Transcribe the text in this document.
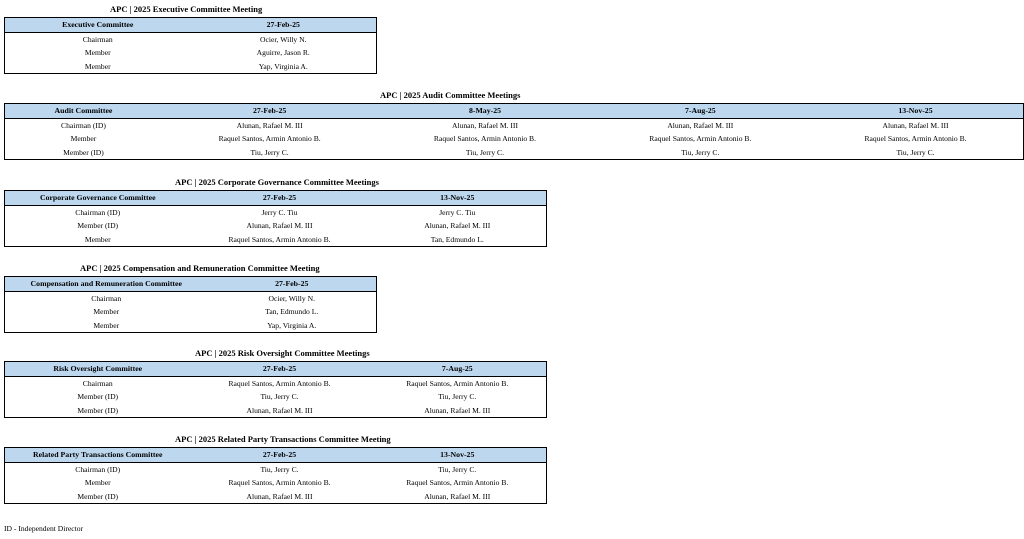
APC | 2025 Executive Committee Meeting
Executive Committee	27-Feb-25
Chairman	Ocier, Willy N.
Member	Aguirre, Jason R.
Member	Yap, Virginia A.
APC | 2025 Audit Committee Meetings
Audit Committee	27-Feb-25	8-May-25	7-Aug-25	13-Nov-25
Chairman (ID)	Alunan, Rafael M. III	Alunan, Rafael M. III	Alunan, Rafael M. III	Alunan, Rafael M. III
Member	Raquel Santos, Armin Antonio B.	Raquel Santos, Armin Antonio B.	Raquel Santos, Armin Antonio B.	Raquel Santos, Armin Antonio B.
Member (ID)	Tiu, Jerry C.	Tiu, Jerry C.	Tiu, Jerry C.	Tiu, Jerry C.
APC | 2025 Corporate Governance Committee Meetings
Corporate Governance Committee	27-Feb-25	13-Nov-25
Chairman (ID)	Jerry C. Tiu	Jerry C. Tiu
Member (ID)	Alunan, Rafael M. III	Alunan, Rafael M. III
Member	Raquel Santos, Armin Antonio B.	Tan, Edmundo L.
APC | 2025 Compensation and Remuneration Committee Meeting
Compensation and Remuneration Committee	27-Feb-25
Chairman	Ocier, Willy N.
Member	Tan, Edmundo L.
Member	Yap, Virginia A.
APC | 2025 Risk Oversight Committee Meetings
Risk Oversight Committee	27-Feb-25	7-Aug-25
Chairman	Raquel Santos, Armin Antonio B.	Raquel Santos, Armin Antonio B.
Member (ID)	Tiu, Jerry C.	Tiu, Jerry C.
Member (ID)	Alunan, Rafael M. III	Alunan, Rafael M. III
APC | 2025 Related Party Transactions Committee Meeting
Related Party Transactions Committee	27-Feb-25	13-Nov-25
Chairman (ID)	Tiu, Jerry C.	Tiu, Jerry C.
Member	Raquel Santos, Armin Antonio B.	Raquel Santos, Armin Antonio B.
Member (ID)	Alunan, Rafael M. III	Alunan, Rafael M. III
ID - Independent Director
